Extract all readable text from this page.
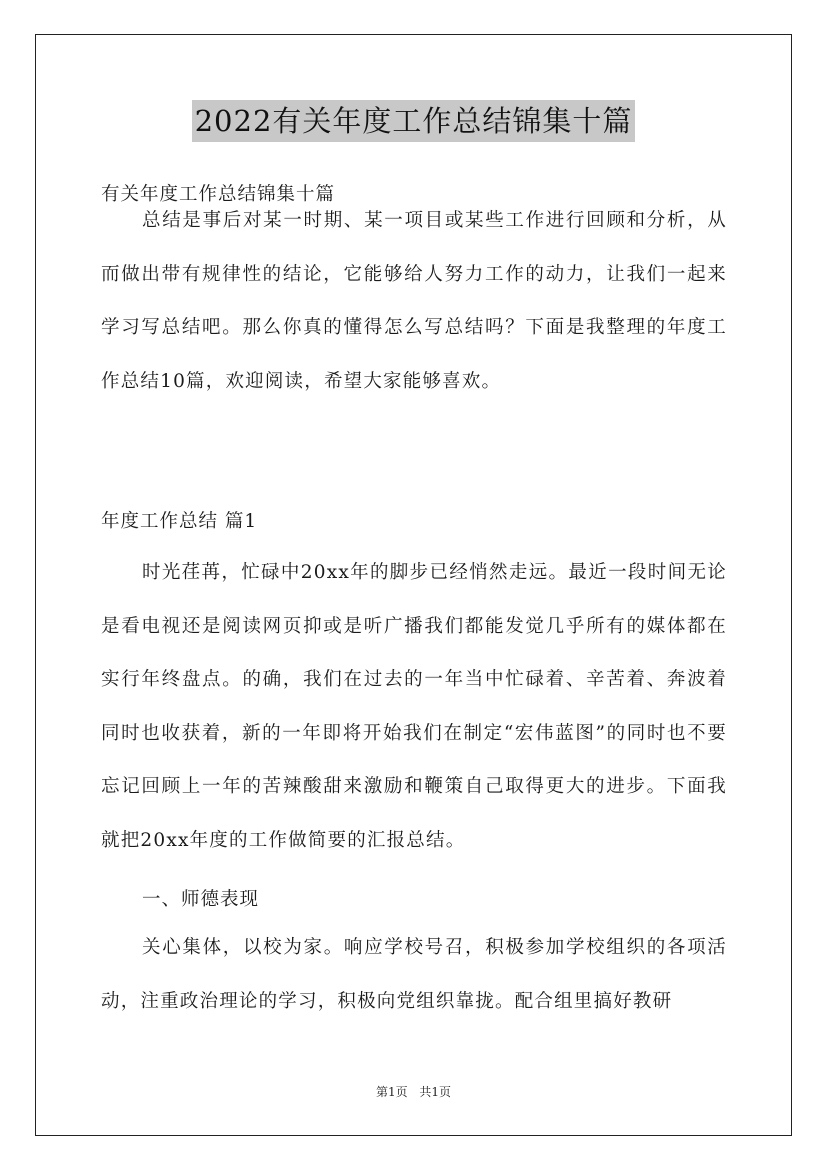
2022有关年度工作总结锦集十篇
有关年度工作总结锦集十篇
总结是事后对某一时期、某一项目或某些工作进行回顾和分析，从而做出带有规律性的结论，它能够给人努力工作的动力，让我们一起来学习写总结吧。那么你真的懂得怎么写总结吗？下面是我整理的年度工作总结10篇，欢迎阅读，希望大家能够喜欢。
年度工作总结 篇1
时光荏苒，忙碌中20xx年的脚步已经悄然走远。最近一段时间无论是看电视还是阅读网页抑或是听广播我们都能发觉几乎所有的媒体都在实行年终盘点。的确，我们在过去的一年当中忙碌着、辛苦着、奔波着同时也收获着，新的一年即将开始我们在制定“宏伟蓝图”的同时也不要忘记回顾上一年的苦辣酸甜来激励和鞭策自己取得更大的进步。下面我就把20xx年度的工作做简要的汇报总结。
一、师德表现
关心集体，以校为家。响应学校号召，积极参加学校组织的各项活动，注重政治理论的学习，积极向党组织靠拢。配合组里搞好教研
第1页 共1页
